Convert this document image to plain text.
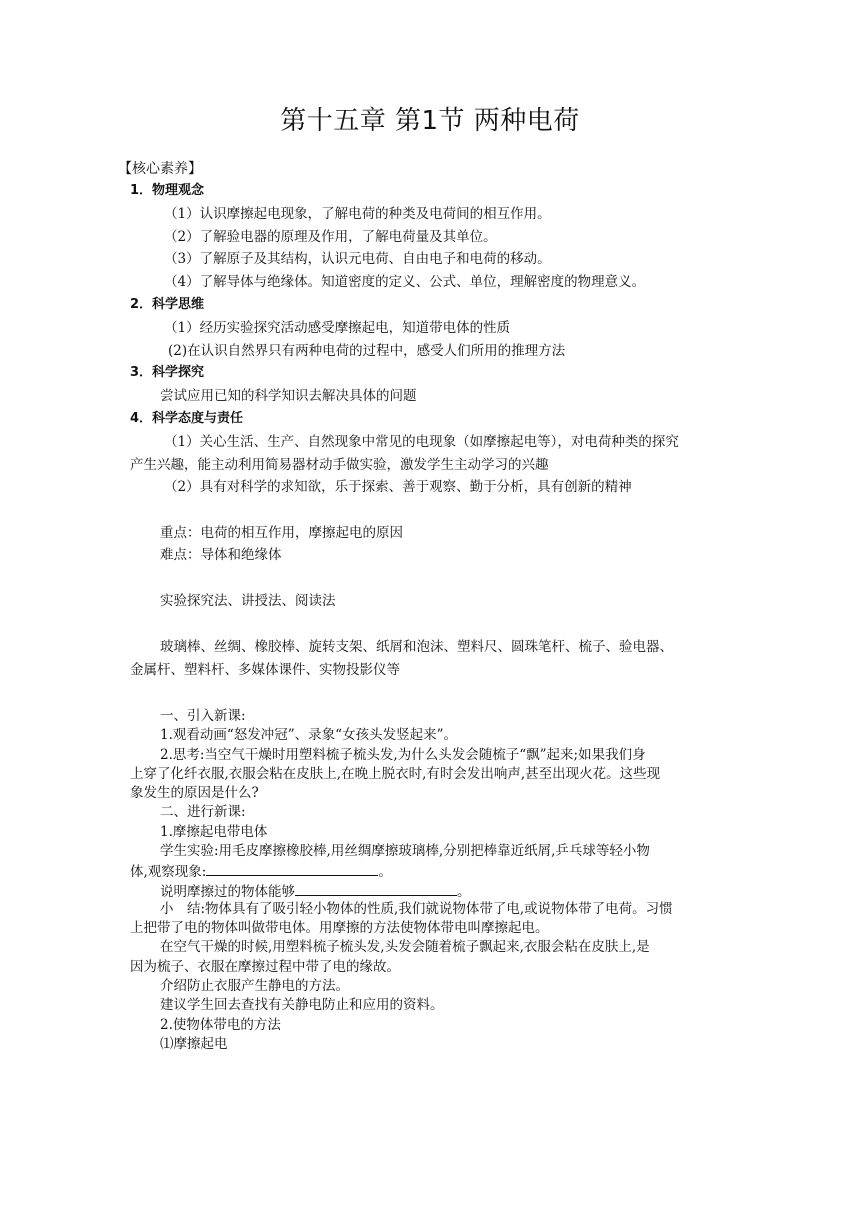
第十五章 第1节 两种电荷
【核心素养】
1．物理观念
（1）认识摩擦起电现象，了解电荷的种类及电荷间的相互作用。
（2）了解验电器的原理及作用，了解电荷量及其单位。
（3）了解原子及其结构，认识元电荷、自由电子和电荷的移动。
（4）了解导体与绝缘体。知道密度的定义、公式、单位，理解密度的物理意义。
2．科学思维
（1）经历实验探究活动感受摩擦起电，知道带电体的性质
(2)在认识自然界只有两种电荷的过程中，感受人们所用的推理方法
3．科学探究
尝试应用已知的科学知识去解决具体的问题
4．科学态度与责任
（1）关心生活、生产、自然现象中常见的电现象（如摩擦起电等），对电荷种类的探究
产生兴趣，能主动利用简易器材动手做实验，激发学生主动学习的兴趣
（2）具有对科学的求知欲，乐于探索、善于观察、勤于分析，具有创新的精神
重点：电荷的相互作用，摩擦起电的原因
难点：导体和绝缘体
实验探究法、讲授法、阅读法
玻璃棒、丝绸、橡胶棒、旋转支架、纸屑和泡沫、塑料尺、圆珠笔杆、梳子、验电器、
金属杆、塑料杆、多媒体课件、实物投影仪等
一、引入新课:
1.观看动画“怒发冲冠”、录象“女孩头发竖起来”。
2.思考:当空气干燥时用塑料梳子梳头发,为什么头发会随梳子“飘”起来;如果我们身
上穿了化纤衣服,衣服会粘在皮肤上,在晚上脱衣时,有时会发出响声,甚至出现火花。这些现
象发生的原因是什么?
二、进行新课:
1.摩擦起电带电体
学生实验:用毛皮摩擦橡胶棒,用丝绸摩擦玻璃棒,分别把棒靠近纸屑,乒乓球等轻小物
体,观察现象:	。
说明摩擦过的物体能够	。
小　结:物体具有了吸引轻小物体的性质,我们就说物体带了电,或说物体带了电荷。习惯
上把带了电的物体叫做带电体。用摩擦的方法使物体带电叫摩擦起电。
在空气干燥的时候,用塑料梳子梳头发,头发会随着梳子飘起来,衣服会粘在皮肤上,是
因为梳子、衣服在摩擦过程中带了电的缘故。
介绍防止衣服产生静电的方法。
建议学生回去查找有关静电防止和应用的资料。
2.使物体带电的方法
⑴摩擦起电
